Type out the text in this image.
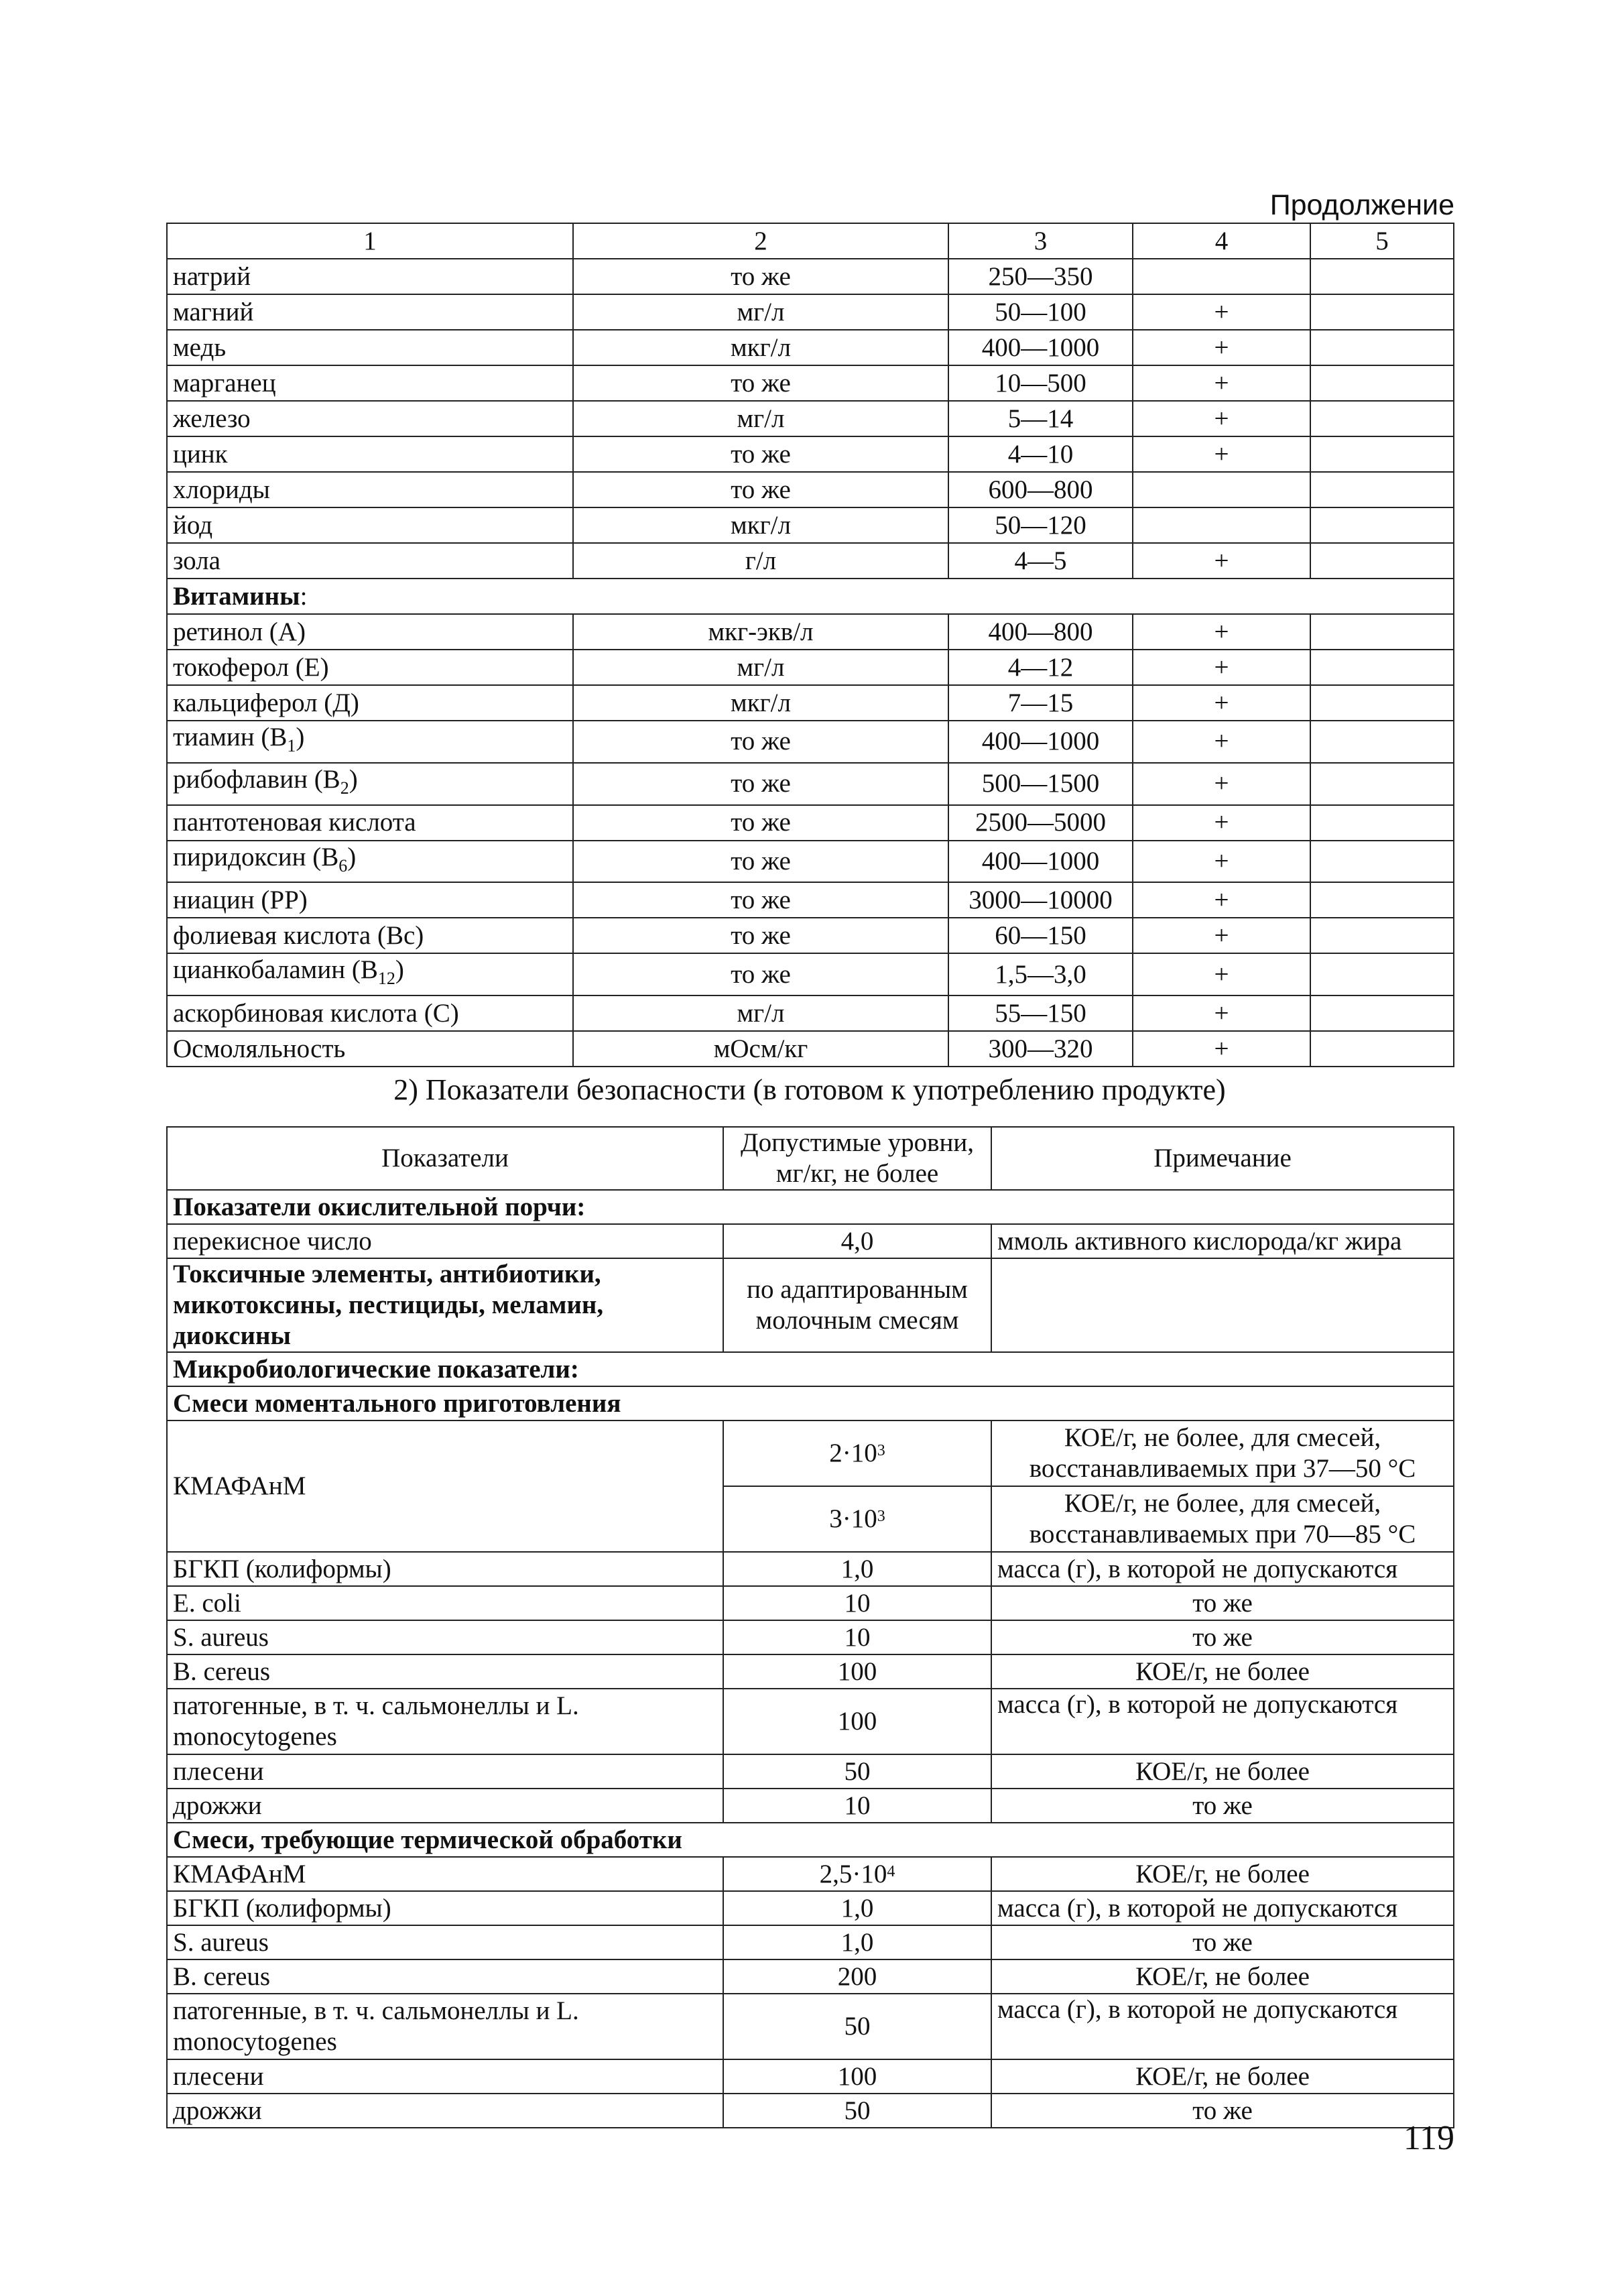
Продолжение
1	2	3	4	5
натрий	то же	250—350		
магний	мг/л	50—100	+	
медь	мкг/л	400—1000	+	
марганец	то же	10—500	+	
железо	мг/л	5—14	+	
цинк	то же	4—10	+	
хлориды	то же	600—800		
йод	мкг/л	50—120		
зола	г/л	4—5	+	
Витамины:				
ретинол (А)	мкг-экв/л	400—800	+	
токоферол (Е)	мг/л	4—12	+	
кальциферол (Д)	мкг/л	7—15	+	
тиамин $(B_1)$	то же	400—1000	+	
рибофлавин $(B_2)$	то же	500—1500	+	
пантотеновая кислота	то же	2500—5000	+	
пиридоксин $(B_6)$	то же	400—1000	+	
ниацин (PP)	то же	3000—10000	+	
фолиевая кислота (Вс)	то же	60—150	+	
цианкобаламин $(B_{12})$	то же	1,5—3,0	+	
аскорбиновая кислота (С)	мг/л	55—150	+	
Осмоляльность	мОсм/кг	300—320	+	
2) Показатели безопасности (в готовом к употреблению продукте)
Показатели	Допустимые уровни, мг/кг, не более	Примечание
Показатели окислительной порчи:		
перекисное число	4,0	ммоль активного кислорода/кг жира
Токсичные элементы, антибиотики, микотоксины, пестициды, меламин, диоксины	по адаптированным молочным смесям	
Микробиологические показатели:		
Смеси моментального приготовления		
КМАФАнМ	$2\cdot 10^3$	КОЕ/г, не более, для смесей, восстанавливаемых при 37—50 °С
	$3\cdot 10^3$	КОЕ/г, не более, для смесей, восстанавливаемых при 70—85 °С
БГКП (колиформы)	1,0	масса (г), в которой не допускаются
E. coli	10	то же
S. aureus	10	то же
B. cereus	100	КОЕ/г, не более
патогенные, в т. ч. сальмонеллы и L. monocytogenes	100	масса (г), в которой не допускаются
плесени	50	КОЕ/г, не более
дрожжи	10	то же
Смеси, требующие термической обработки		
КМАФАнМ	$2,5\cdot 10^4$	КОЕ/г, не более
БГКП (колиформы)	1,0	масса (г), в которой не допускаются
S. aureus	1,0	то же
B. cereus	200	КОЕ/г, не более
патогенные, в т. ч. сальмонеллы и L. monocytogenes	50	масса (г), в которой не допускаются
плесени	100	КОЕ/г, не более
дрожжи	50	то же
119
